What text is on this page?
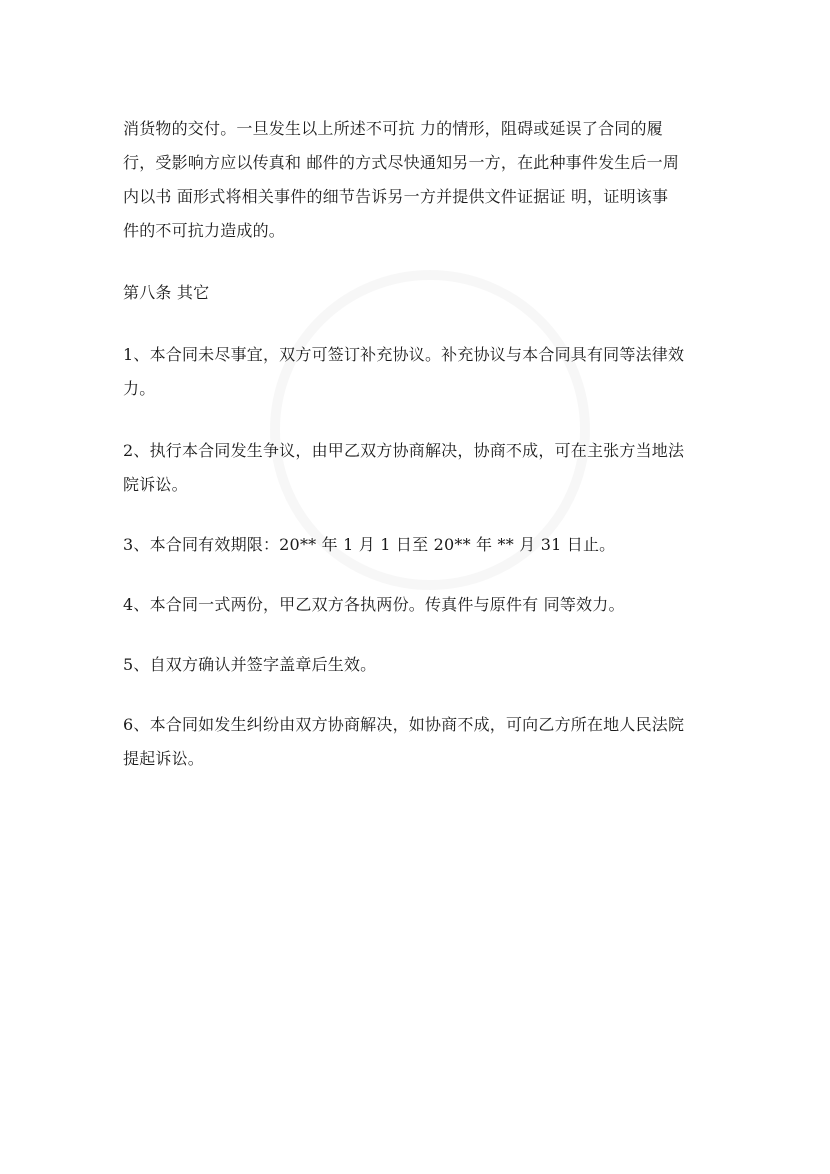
消货物的交付。一旦发生以上所述不可抗 力的情形，阻碍或延误了合同的履
行，受影响方应以传真和 邮件的方式尽快通知另一方，在此种事件发生后一周
内以书 面形式将相关事件的细节告诉另一方并提供文件证据证 明，证明该事
件的不可抗力造成的。

第八条 其它

1、本合同未尽事宜，双方可签订补充协议。补充协议与本合同具有同等法律效
力。

2、执行本合同发生争议，由甲乙双方协商解决，协商不成，可在主张方当地法
院诉讼。

3、本合同有效期限：20** 年 1 月 1 日至 20** 年 ** 月 31 日止。

4、本合同一式两份，甲乙双方各执两份。传真件与原件有 同等效力。

5、自双方确认并签字盖章后生效。

6、本合同如发生纠纷由双方协商解决，如协商不成，可向乙方所在地人民法院
提起诉讼。
